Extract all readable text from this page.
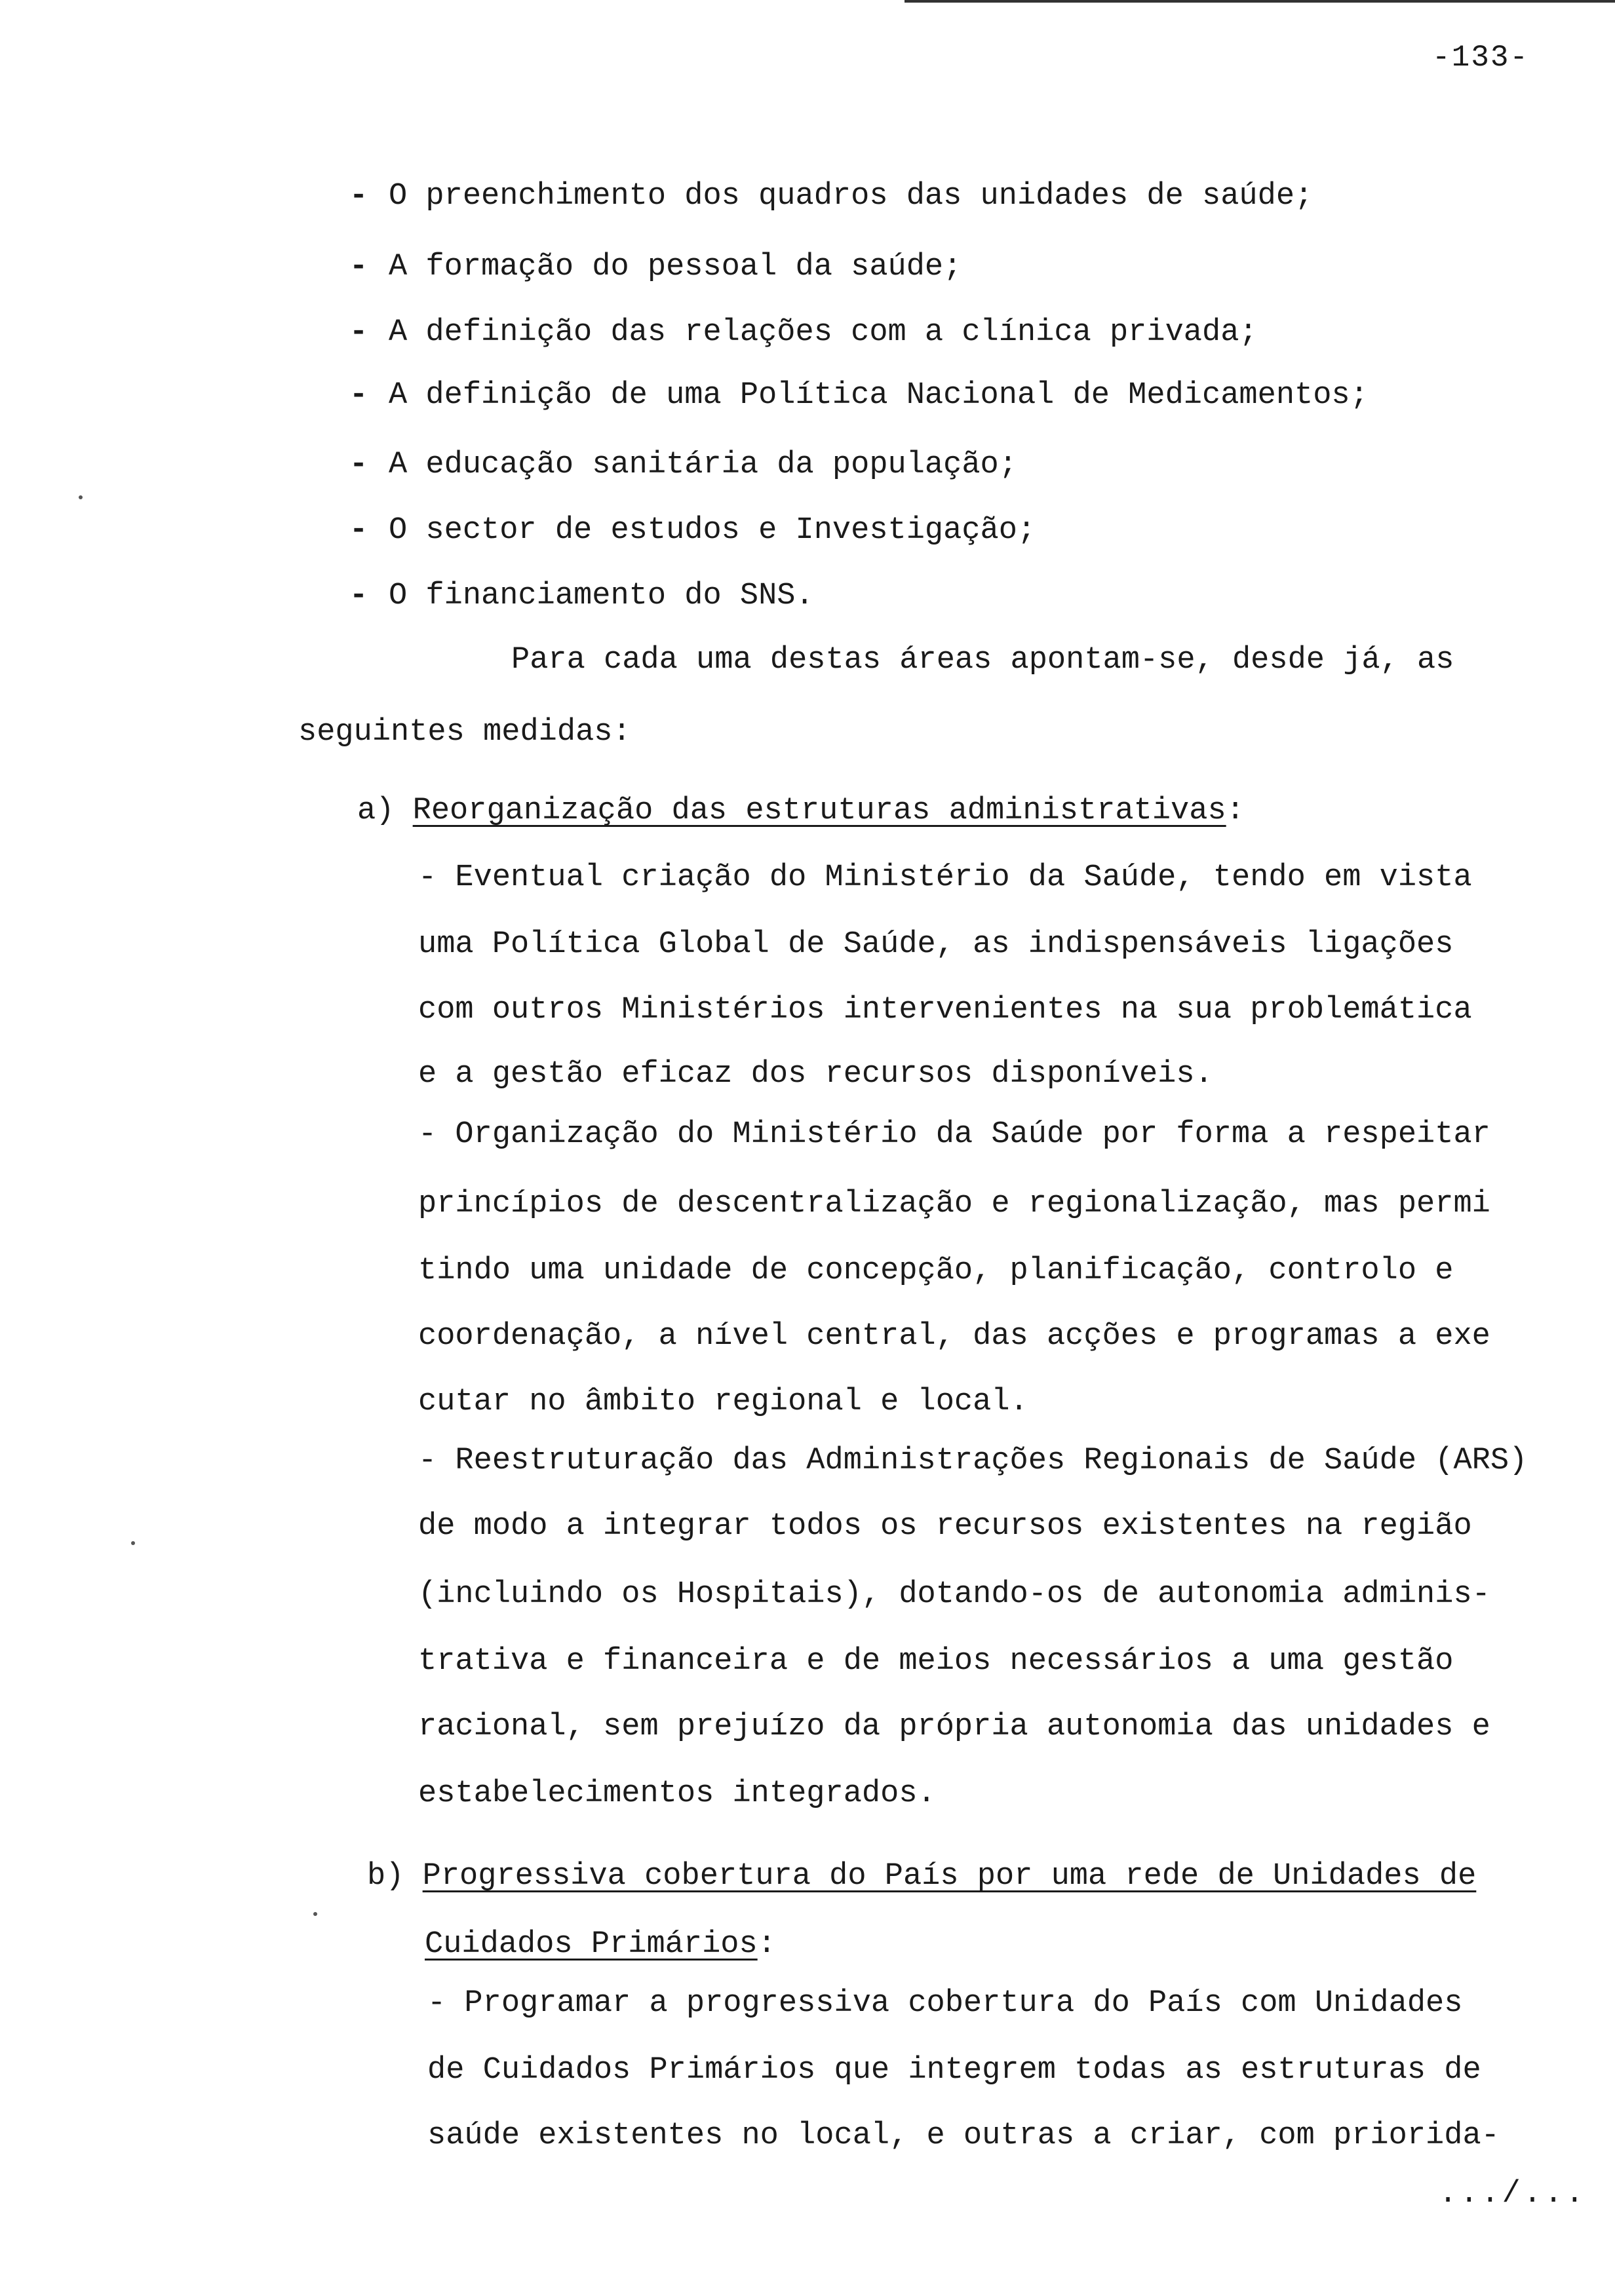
-133-
- O preenchimento dos quadros das unidades de saúde;
- A formação do pessoal da saúde;
- A definição das relações com a clínica privada;
- A definição de uma Política Nacional de Medicamentos;
- A educação sanitária da população;
- O sector de estudos e Investigação;
- O financiamento do SNS.
Para cada uma destas áreas apontam-se, desde já, as
seguintes medidas:
a) Reorganização das estruturas administrativas:
- Eventual criação do Ministério da Saúde, tendo em vista
uma Política Global de Saúde, as indispensáveis ligações
com outros Ministérios intervenientes na sua problemática
e a gestão eficaz dos recursos disponíveis.
- Organização do Ministério da Saúde por forma a respeitar
princípios de descentralização e regionalização, mas permi
tindo uma unidade de concepção, planificação, controlo e
coordenação, a nível central, das acções e programas a exe
cutar no âmbito regional e local.
- Reestruturação das Administrações Regionais de Saúde (ARS)
de modo a integrar todos os recursos existentes na região
(incluindo os Hospitais), dotando-os de autonomia adminis-
trativa e financeira e de meios necessários a uma gestão
racional, sem prejuízo da própria autonomia das unidades e
estabelecimentos integrados.
b) Progressiva cobertura do País por uma rede de Unidades de
Cuidados Primários:
- Programar a progressiva cobertura do País com Unidades
de Cuidados Primários que integrem todas as estruturas de
saúde existentes no local, e outras a criar, com priorida-
.../...
